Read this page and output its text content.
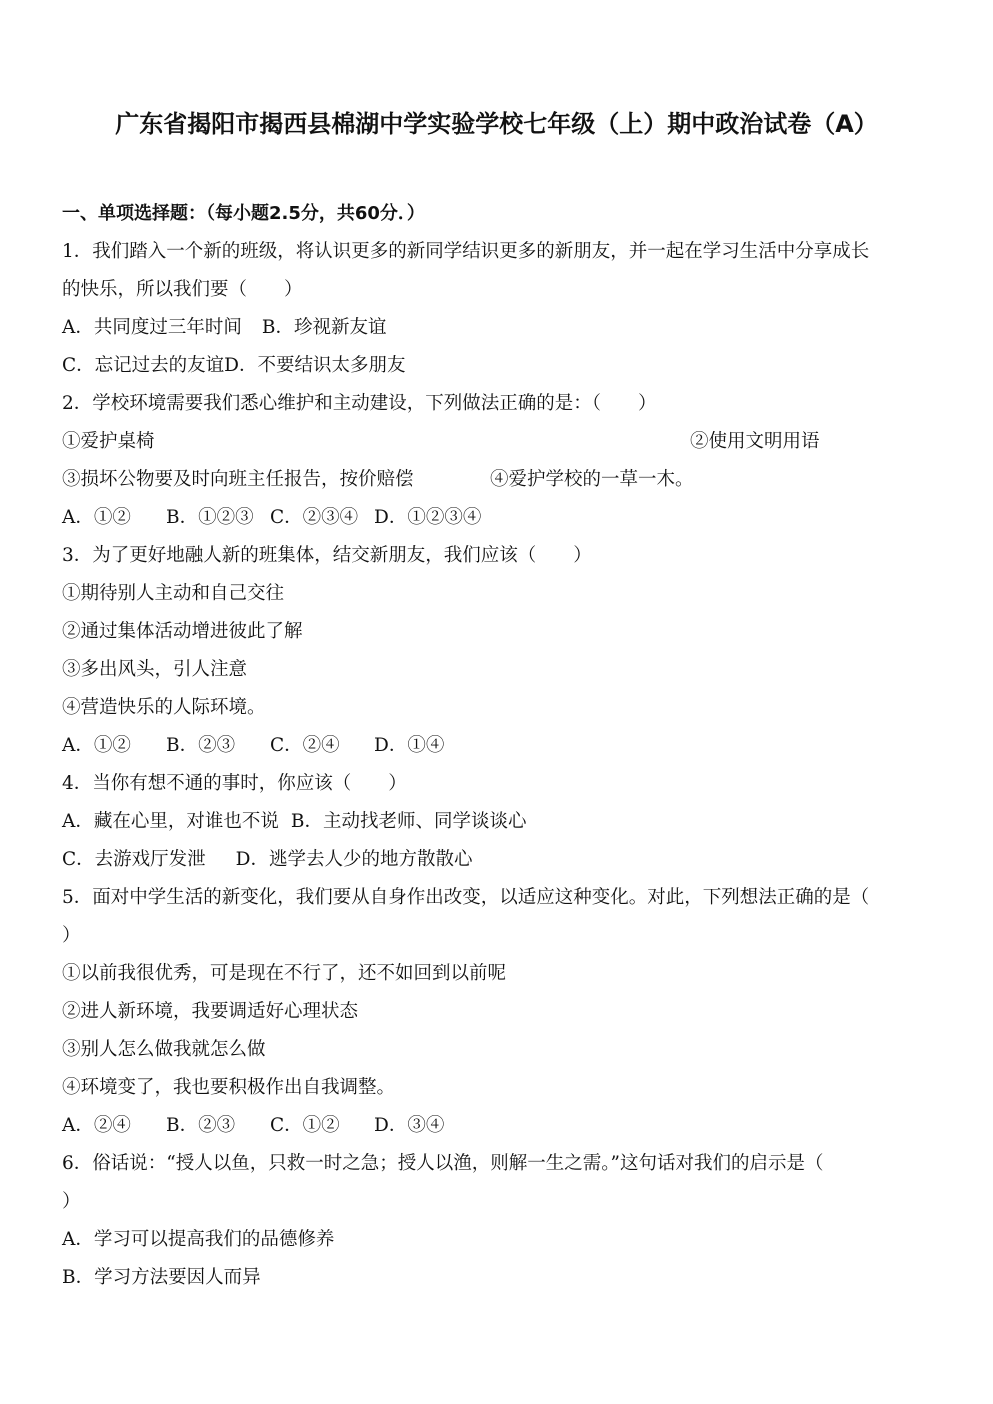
广东省揭阳市揭西县棉湖中学实验学校七年级（上）期中政治试卷（A）
一、单项选择题：（每小题2.5分，共60分．）
1．我们踏入一个新的班级，将认识更多的新同学结识更多的新朋友，并一起在学习生活中分享成长
的快乐，所以我们要（　　）
A．共同度过三年时间 B．珍视新友谊
C．忘记过去的友谊D．不要结识太多朋友
2．学校环境需要我们悉心维护和主动建设，下列做法正确的是：（　　）
①爱护桌椅	②使用文明用语
③损坏公物要及时向班主任报告，按价赔偿	④爱护学校的一草一木。
A．①② B．①②③ C．②③④ D．①②③④
3．为了更好地融人新的班集体，结交新朋友，我们应该（　　）
①期待别人主动和自己交往
②通过集体活动增进彼此了解
③多出风头，引人注意
④营造快乐的人际环境。
A．①② B．②③ C．②④ D．①④
4．当你有想不通的事时，你应该（　　）
A．藏在心里，对谁也不说 B．主动找老师、同学谈谈心
C．去游戏厅发泄 D．逃学去人少的地方散散心
5．面对中学生活的新变化，我们要从自身作出改变，以适应这种变化。对此，下列想法正确的是（
）
①以前我很优秀，可是现在不行了，还不如回到以前呢
②进人新环境，我要调适好心理状态
③别人怎么做我就怎么做
④环境变了，我也要积极作出自我调整。
A．②④ B．②③ C．①② D．③④
6．俗话说：“授人以鱼，只救一时之急；授人以渔，则解一生之需。”这句话对我们的启示是（
）
A．学习可以提高我们的品德修养
B．学习方法要因人而异
